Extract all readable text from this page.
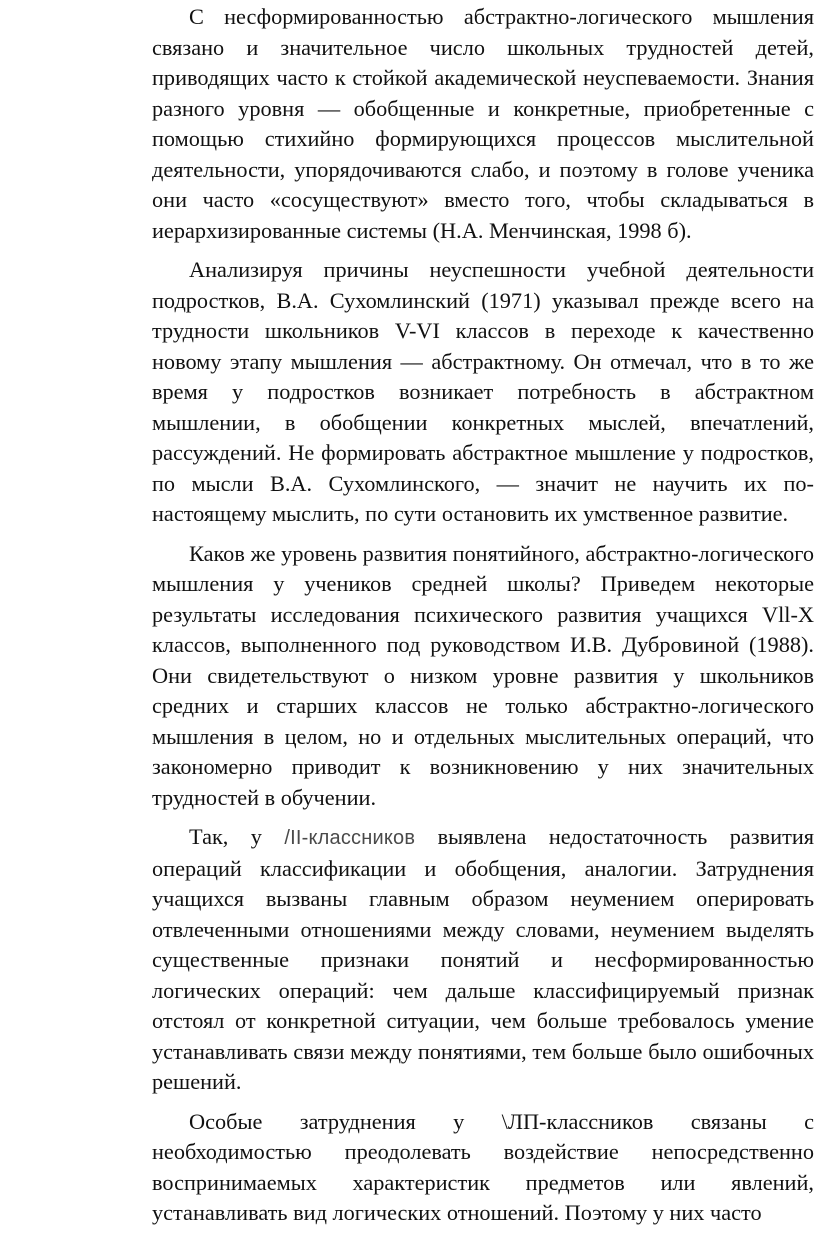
С несформированностью абстрактно-логического мышления связано и значительное число школьных трудностей детей, приводящих часто к стойкой академической неуспеваемости. Знания разного уровня — обобщенные и конкретные, приобретенные с помощью стихийно формирующихся процессов мыслительной деятельности, упорядочиваются слабо, и поэтому в голове ученика они часто «сосуществуют» вместо того, чтобы складываться в иерархизированные системы (Н.А. Менчинская, 1998 б).

Анализируя причины неуспешности учебной деятельности подростков, В.А. Сухомлинский (1971) указывал прежде всего на трудности школьников V-VI классов в переходе к качественно новому этапу мышления — абстрактному. Он отмечал, что в то же время у подростков возникает потребность в абстрактном мышлении, в обобщении конкретных мыслей, впечатлений, рассуждений. Не формировать абстрактное мышление у подростков, по мысли В.А. Сухомлинского, — значит не научить их по-настоящему мыслить, по сути остановить их умственное развитие.

Каков же уровень развития понятийного, абстрактно-логического мышления у учеников средней школы? Приведем некоторые результаты исследования психического развития учащихся Vll-X классов, выполненного под руководством И.В. Дубровиной (1988). Они свидетельствуют о низком уровне развития у школьников средних и старших классов не только абстрактно-логического мышления в целом, но и отдельных мыслительных операций, что закономерно приводит к возникновению у них значительных трудностей в обучении.

Так, у /II-классников выявлена недостаточность развития операций классификации и обобщения, аналогии. Затруднения учащихся вызваны главным образом неумением оперировать отвлеченными отношениями между словами, неумением выделять существенные признаки понятий и несформированностью логических операций: чем дальше классифицируемый признак отстоял от конкретной ситуации, чем больше требовалось умение устанавливать связи между понятиями, тем больше было ошибочных решений.

Особые затруднения у \ЛП-классников связаны с необходимостью преодолевать воздействие непосредственно воспринимаемых характеристик предметов или явлений, устанавливать вид логических отношений. Поэтому у них часто
